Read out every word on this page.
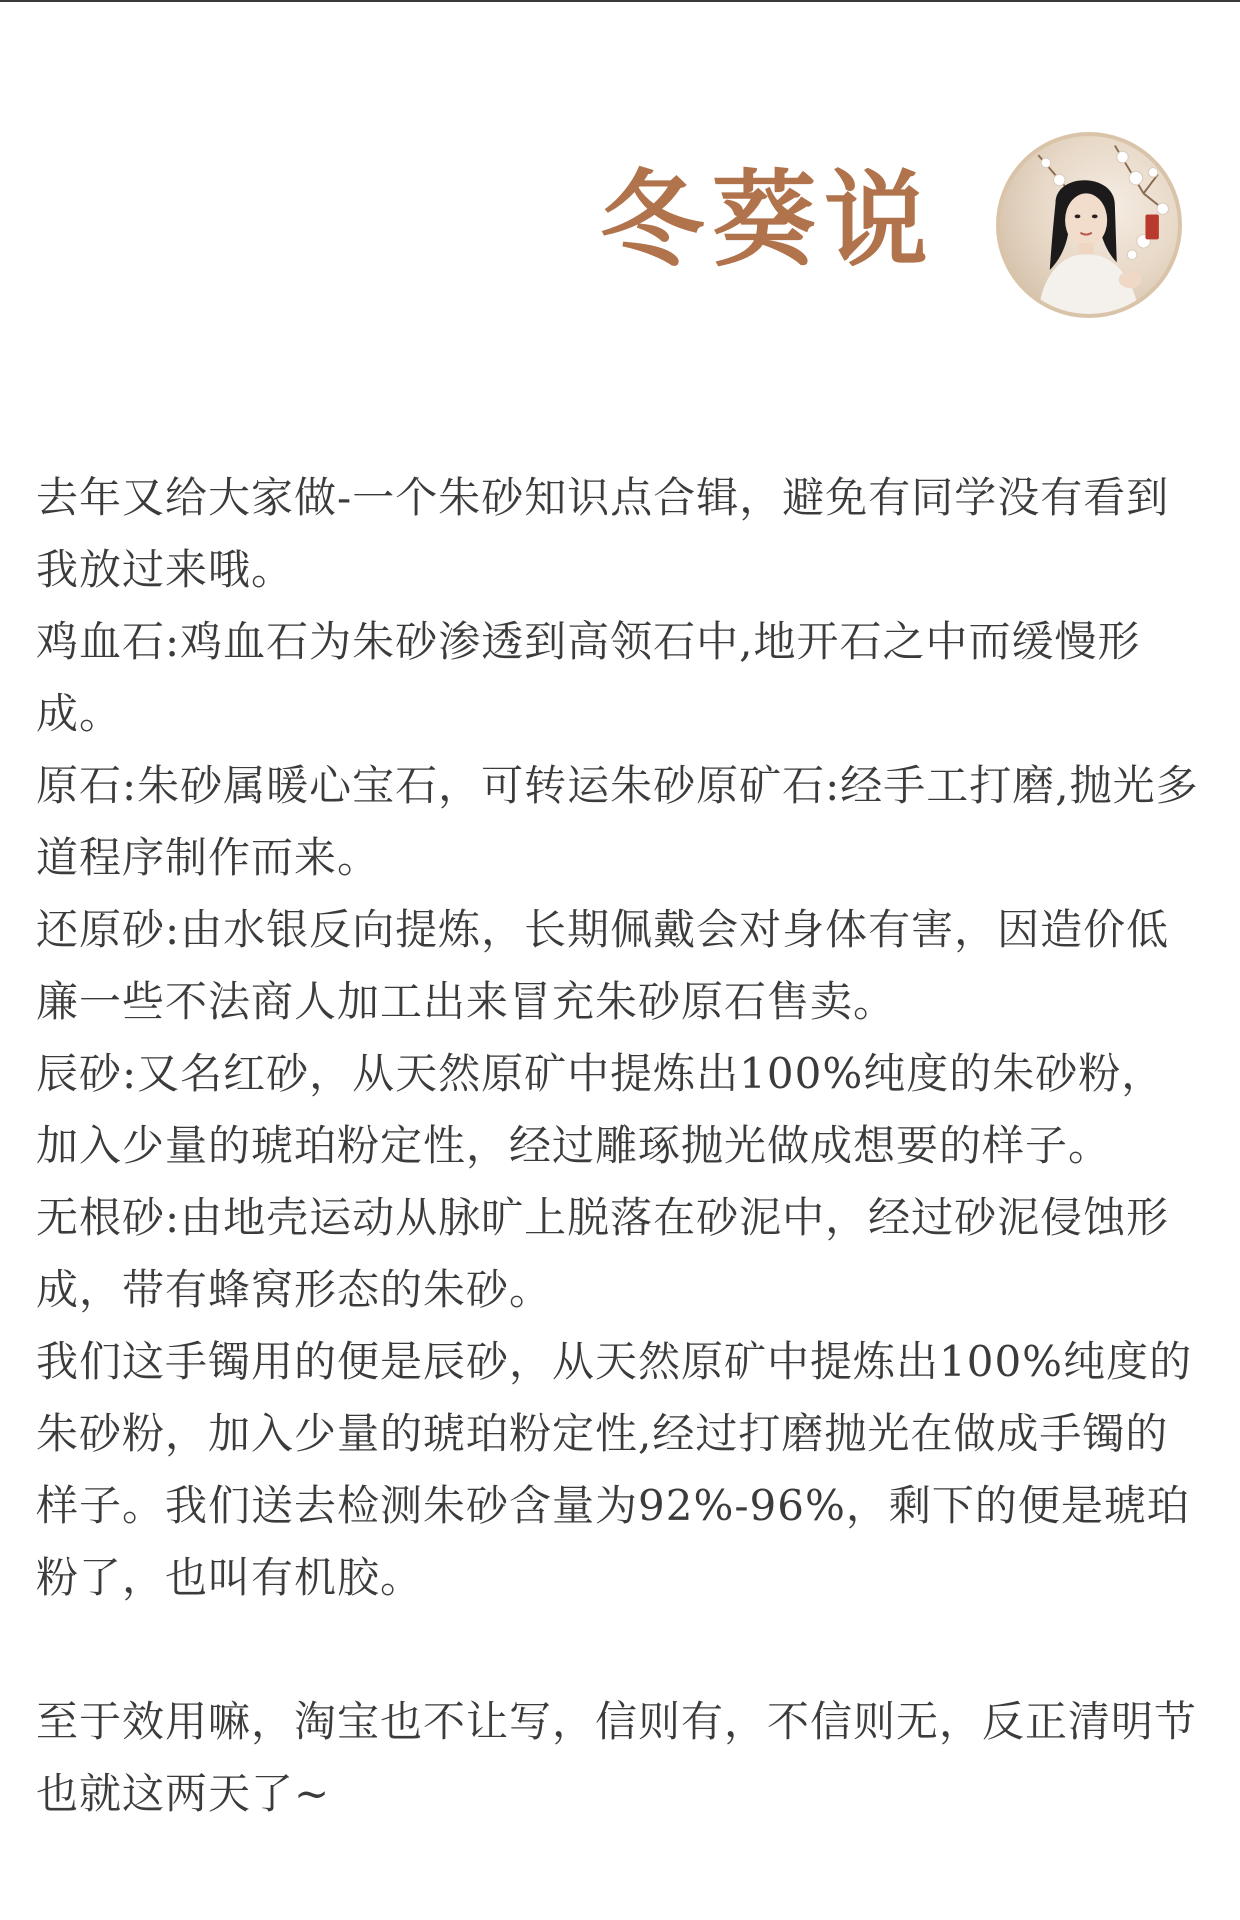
冬葵说

去年又给大家做-一个朱砂知识点合辑，避免有同学没有看到我放过来哦。

鸡血石:鸡血石为朱砂渗透到高领石中,地开石之中而缓慢形成。

原石:朱砂属暖心宝石，可转运朱砂原矿石:经手工打磨,抛光多道程序制作而来。

还原砂:由水银反向提炼，长期佩戴会对身体有害，因造价低廉一些不法商人加工出来冒充朱砂原石售卖。

辰砂:又名红砂，从天然原矿中提炼出100%纯度的朱砂粉，

加入少量的琥珀粉定性，经过雕琢抛光做成想要的样子。

无根砂:由地壳运动从脉旷上脱落在砂泥中，经过砂泥侵蚀形成，带有蜂窝形态的朱砂。

我们这手镯用的便是辰砂，从天然原矿中提炼出100%纯度的朱砂粉，加入少量的琥珀粉定性,经过打磨抛光在做成手镯的样子。我们送去检测朱砂含量为92%-96%，剩下的便是琥珀粉了，也叫有机胶。

至于效用嘛，淘宝也不让写，信则有，不信则无，反正清明节也就这两天了~
